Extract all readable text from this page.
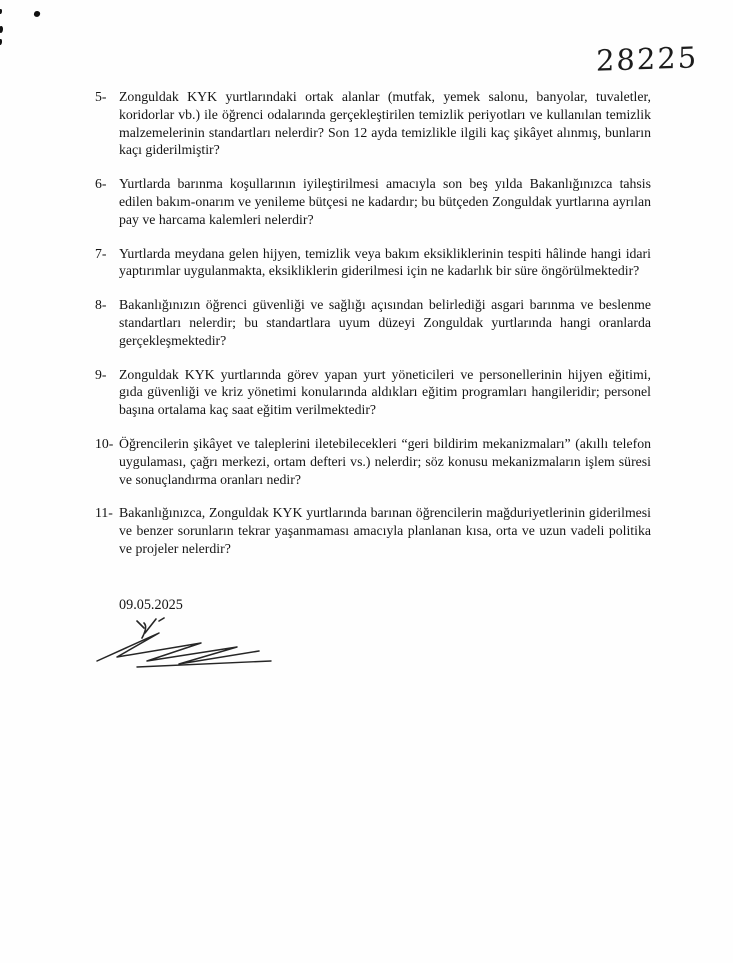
28225
5- Zonguldak KYK yurtlarındaki ortak alanlar (mutfak, yemek salonu, banyolar, tuvaletler, koridorlar vb.) ile öğrenci odalarında gerçekleştirilen temizlik periyotları ve kullanılan temizlik malzemelerinin standartları nelerdir? Son 12 ayda temizlikle ilgili kaç şikâyet alınmış, bunların kaçı giderilmiştir?
6- Yurtlarda barınma koşullarının iyileştirilmesi amacıyla son beş yılda Bakanlığınızca tahsis edilen bakım-onarım ve yenileme bütçesi ne kadardır; bu bütçeden Zonguldak yurtlarına ayrılan pay ve harcama kalemleri nelerdir?
7- Yurtlarda meydana gelen hijyen, temizlik veya bakım eksikliklerinin tespiti hâlinde hangi idari yaptırımlar uygulanmakta, eksikliklerin giderilmesi için ne kadarlık bir süre öngörülmektedir?
8- Bakanlığınızın öğrenci güvenliği ve sağlığı açısından belirlediği asgari barınma ve beslenme standartları nelerdir; bu standartlara uyum düzeyi Zonguldak yurtlarında hangi oranlarda gerçekleşmektedir?
9- Zonguldak KYK yurtlarında görev yapan yurt yöneticileri ve personellerinin hijyen eğitimi, gıda güvenliği ve kriz yönetimi konularında aldıkları eğitim programları hangileridir; personel başına ortalama kaç saat eğitim verilmektedir?
10- Öğrencilerin şikâyet ve taleplerini iletebilecekleri “geri bildirim mekanizmaları” (akıllı telefon uygulaması, çağrı merkezi, ortam defteri vs.) nelerdir; söz konusu mekanizmaların işlem süresi ve sonuçlandırma oranları nedir?
11- Bakanlığınızca, Zonguldak KYK yurtlarında barınan öğrencilerin mağduriyetlerinin giderilmesi ve benzer sorunların tekrar yaşanmaması amacıyla planlanan kısa, orta ve uzun vadeli politika ve projeler nelerdir?
09.05.2025
